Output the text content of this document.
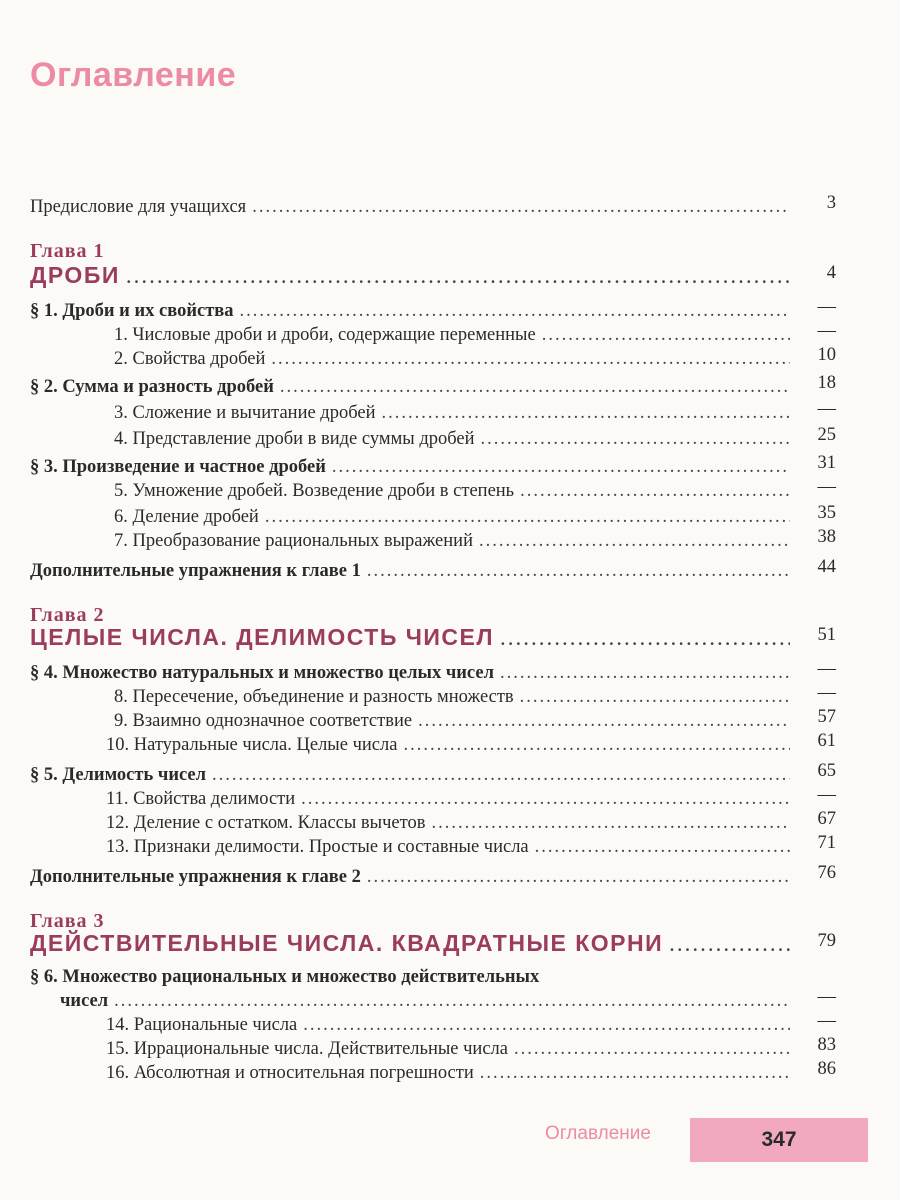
Оглавление
Предисловие для учащихся .....	3
Глава 1
ДРОБИ .....	4
§ 1. Дроби и их свойства .....	—
1. Числовые дроби и дроби, содержащие переменные .....	—
2. Свойства дробей .....	10
§ 2. Сумма и разность дробей .....	18
3. Сложение и вычитание дробей .....	—
4. Представление дроби в виде суммы дробей .....	25
§ 3. Произведение и частное дробей .....	31
5. Умножение дробей. Возведение дроби в степень .....	—
6. Деление дробей .....	35
7. Преобразование рациональных выражений .....	38
Дополнительные упражнения к главе 1 .....	44
Глава 2
ЦЕЛЫЕ ЧИСЛА. ДЕЛИМОСТЬ ЧИСЕЛ .....	51
§ 4. Множество натуральных и множество целых чисел .....	—
8. Пересечение, объединение и разность множеств .....	—
9. Взаимно однозначное соответствие .....	57
10. Натуральные числа. Целые числа .....	61
§ 5. Делимость чисел .....	65
11. Свойства делимости .....	—
12. Деление с остатком. Классы вычетов .....	67
13. Признаки делимости. Простые и составные числа .....	71
Дополнительные упражнения к главе 2 .....	76
Глава 3
ДЕЙСТВИТЕЛЬНЫЕ ЧИСЛА. КВАДРАТНЫЕ КОРНИ .....	79
§ 6. Множество рациональных и множество действительных
чисел .....	—
14. Рациональные числа .....	—
15. Иррациональные числа. Действительные числа .....	83
16. Абсолютная и относительная погрешности .....	86
Оглавление	347
